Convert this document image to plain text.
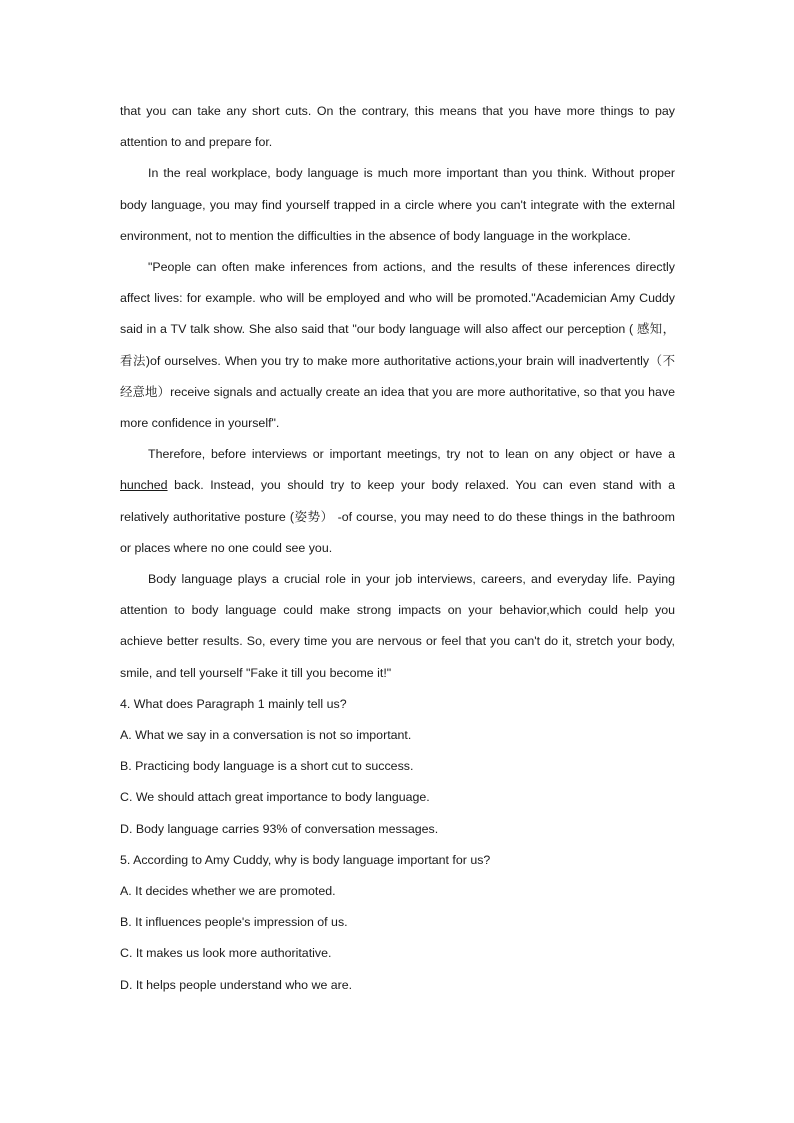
that you can take any short cuts. On the contrary, this means that you have more things to pay attention to and prepare for.

In the real workplace, body language is much more important than you think. Without proper body language, you may find yourself trapped in a circle where you can't integrate with the external environment, not to mention the difficulties in the absence of body language in the workplace.

"People can often make inferences from actions, and the results of these inferences directly affect lives: for example. who will be employed and who will be promoted."Academician Amy Cuddy said in a TV talk show. She also said that "our body language will also affect our perception ( 感知，看法)of ourselves. When you try to make more authoritative actions,your brain will inadvertently（不经意地）receive signals and actually create an idea that you are more authoritative, so that you have more confidence in yourself".

Therefore, before interviews or important meetings, try not to lean on any object or have a hunched back. Instead, you should try to keep your body relaxed. You can even stand with a relatively authoritative posture (姿势） -of course, you may need to do these things in the bathroom or places where no one could see you.

Body language plays a crucial role in your job interviews, careers, and everyday life. Paying attention to body language could make strong impacts on your behavior,which could help you achieve better results. So, every time you are nervous or feel that you can't do it, stretch your body, smile, and tell yourself "Fake it till you become it!"

4. What does Paragraph 1 mainly tell us?

A. What we say in a conversation is not so important.

B. Practicing body language is a short cut to success.

C. We should attach great importance to body language.

D. Body language carries 93% of conversation messages.

5. According to Amy Cuddy, why is body language important for us?

A. It decides whether we are promoted.

B. It influences people's impression of us.

C. It makes us look more authoritative.

D. It helps people understand who we are.
